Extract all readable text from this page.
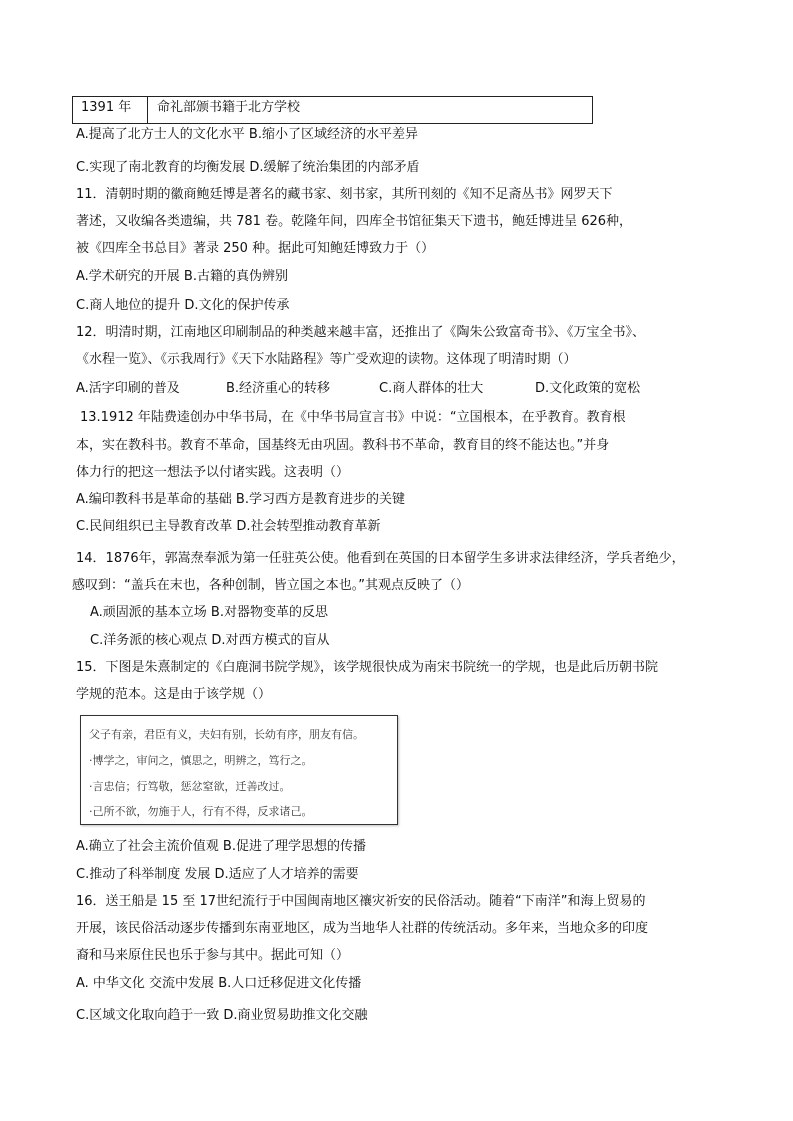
1391 年	命礼部颁书籍于北方学校
A.提高了北方士人的文化水平 B.缩小了区域经济的水平差异
C.实现了南北教育的均衡发展 D.缓解了统治集团的内部矛盾
11．清朝时期的徽商鲍廷博是著名的藏书家、刻书家，其所刊刻的《知不足斋丛书》网罗天下
著述，又收编各类遗编，共 781 卷。乾隆年间，四库全书馆征集天下遗书，鲍廷博进呈 626种，
被《四库全书总目》著录 250 种。据此可知鲍廷博致力于（）
A.学术研究的开展 B.古籍的真伪辨别
C.商人地位的提升 D.文化的保护传承
12．明清时期，江南地区印刷制品的种类越来越丰富，还推出了《陶朱公致富奇书》、《万宝全书》、
《水程一览》、《示我周行》《天下水陆路程》等广受欢迎的读物。这体现了明清时期（）
A.活字印刷的普及	B.经济重心的转移	C.商人群体的壮大	D.文化政策的宽松
13.1912 年陆费逵创办中华书局，在《中华书局宣言书》中说：“立国根本，在乎教育。教育根
本，实在教科书。教育不革命，国基终无由巩固。教科书不革命，教育目的终不能达也。”并身
体力行的把这一想法予以付诸实践。这表明（）
A.编印教科书是革命的基础 B.学习西方是教育进步的关键
C.民间组织已主导教育改革 D.社会转型推动教育革新
14．1876年，郭嵩焘奉派为第一任驻英公使。他看到在英国的日本留学生多讲求法律经济，学兵者绝少，
感叹到：“盖兵在末也，各种创制，皆立国之本也。”其观点反映了（）
A.顽固派的基本立场 B.对器物变革的反思
C.洋务派的核心观点 D.对西方模式的盲从
15．下图是朱熹制定的《白鹿洞书院学规》，该学规很快成为南宋书院统一的学规，也是此后历朝书院
学规的范本。这是由于该学规（）
父子有亲，君臣有义，夫妇有别，长幼有序，朋友有信。
·博学之，审问之，慎思之，明辨之，笃行之。
·言忠信；行笃敬，惩忿窒欲，迁善改过。
·己所不欲，勿施于人，行有不得，反求诸己。
A.确立了社会主流价值观 B.促进了理学思想的传播
C.推动了科举制度 发展 D.适应了人才培养的需要
16．送王船是 15 至 17世纪流行于中国闽南地区禳灾祈安的民俗活动。随着“下南洋”和海上贸易的
开展，该民俗活动逐步传播到东南亚地区，成为当地华人社群的传统活动。多年来，当地众多的印度
裔和马来原住民也乐于参与其中。据此可知（）
A. 中华文化 交流中发展 B.人口迁移促进文化传播
C.区域文化取向趋于一致 D.商业贸易助推文化交融
